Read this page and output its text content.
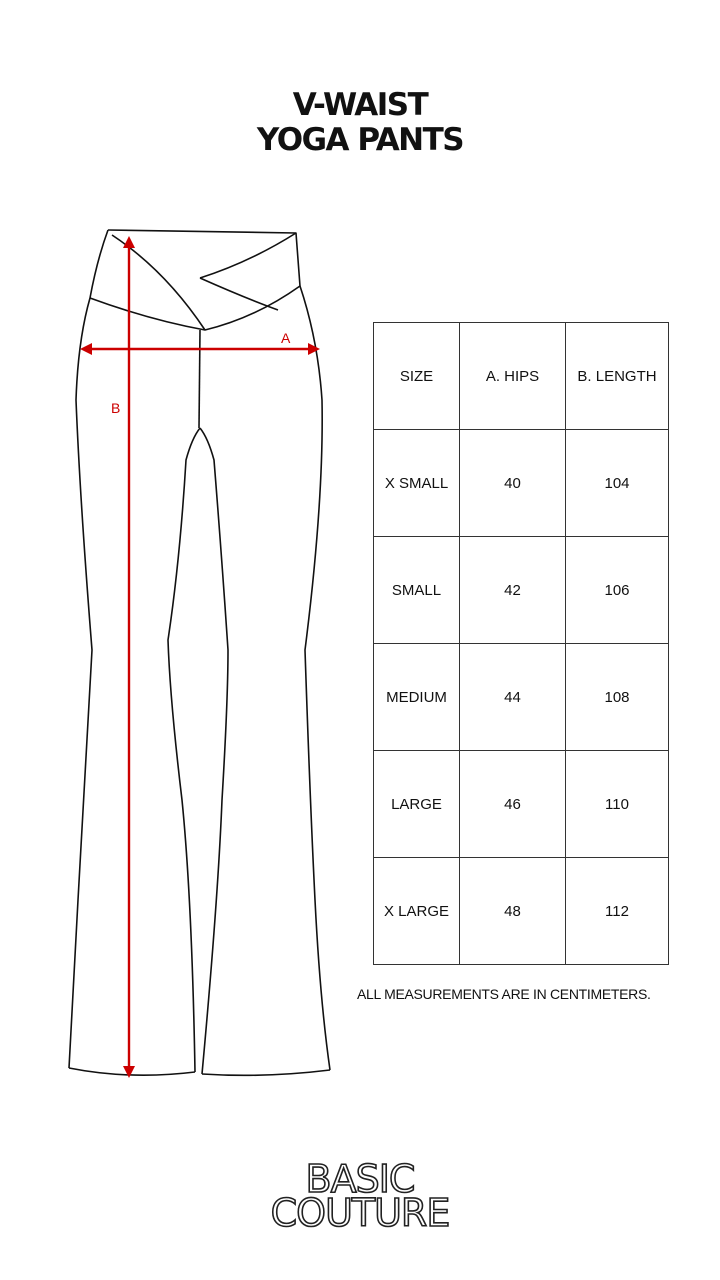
V-WAIST
YOGA PANTS
A
B
SIZE	A. HIPS	B. LENGTH
X SMALL	40	104
SMALL	42	106
MEDIUM	44	108
LARGE	46	110
X LARGE	48	112
ALL MEASUREMENTS ARE IN CENTIMETERS.
BASIC
COUTURE
